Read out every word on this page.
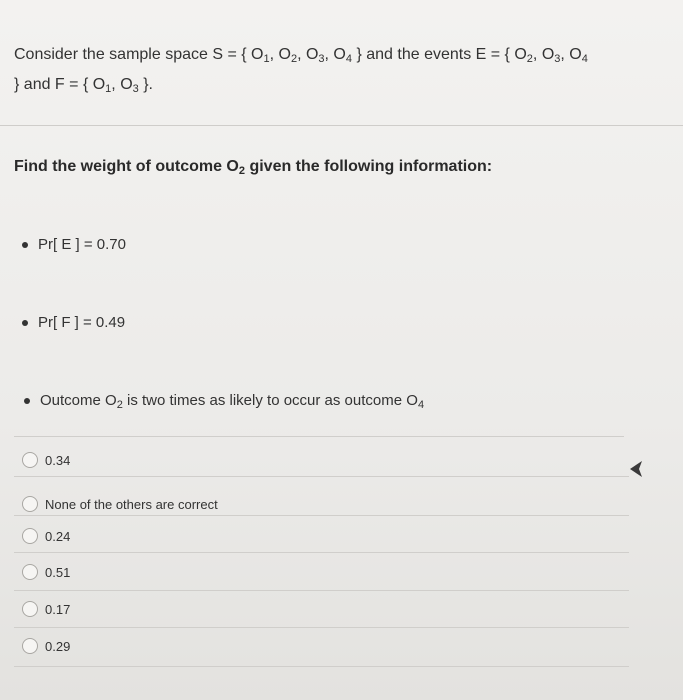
Consider the sample space S = { $O_1$, $O_2$, $O_3$, $O_4$ } and the events E = { $O_2$, $O_3$, $O_4$
} and F = { $O_1$, $O_3$ }.
Find the weight of outcome $O_2$ given the following information:
Pr[ E ] = 0.70
Pr[ F ] = 0.49
Outcome $O_2$ is two times as likely to occur as outcome $O_4$
0.34
None of the others are correct
0.24
0.51
0.17
0.29
